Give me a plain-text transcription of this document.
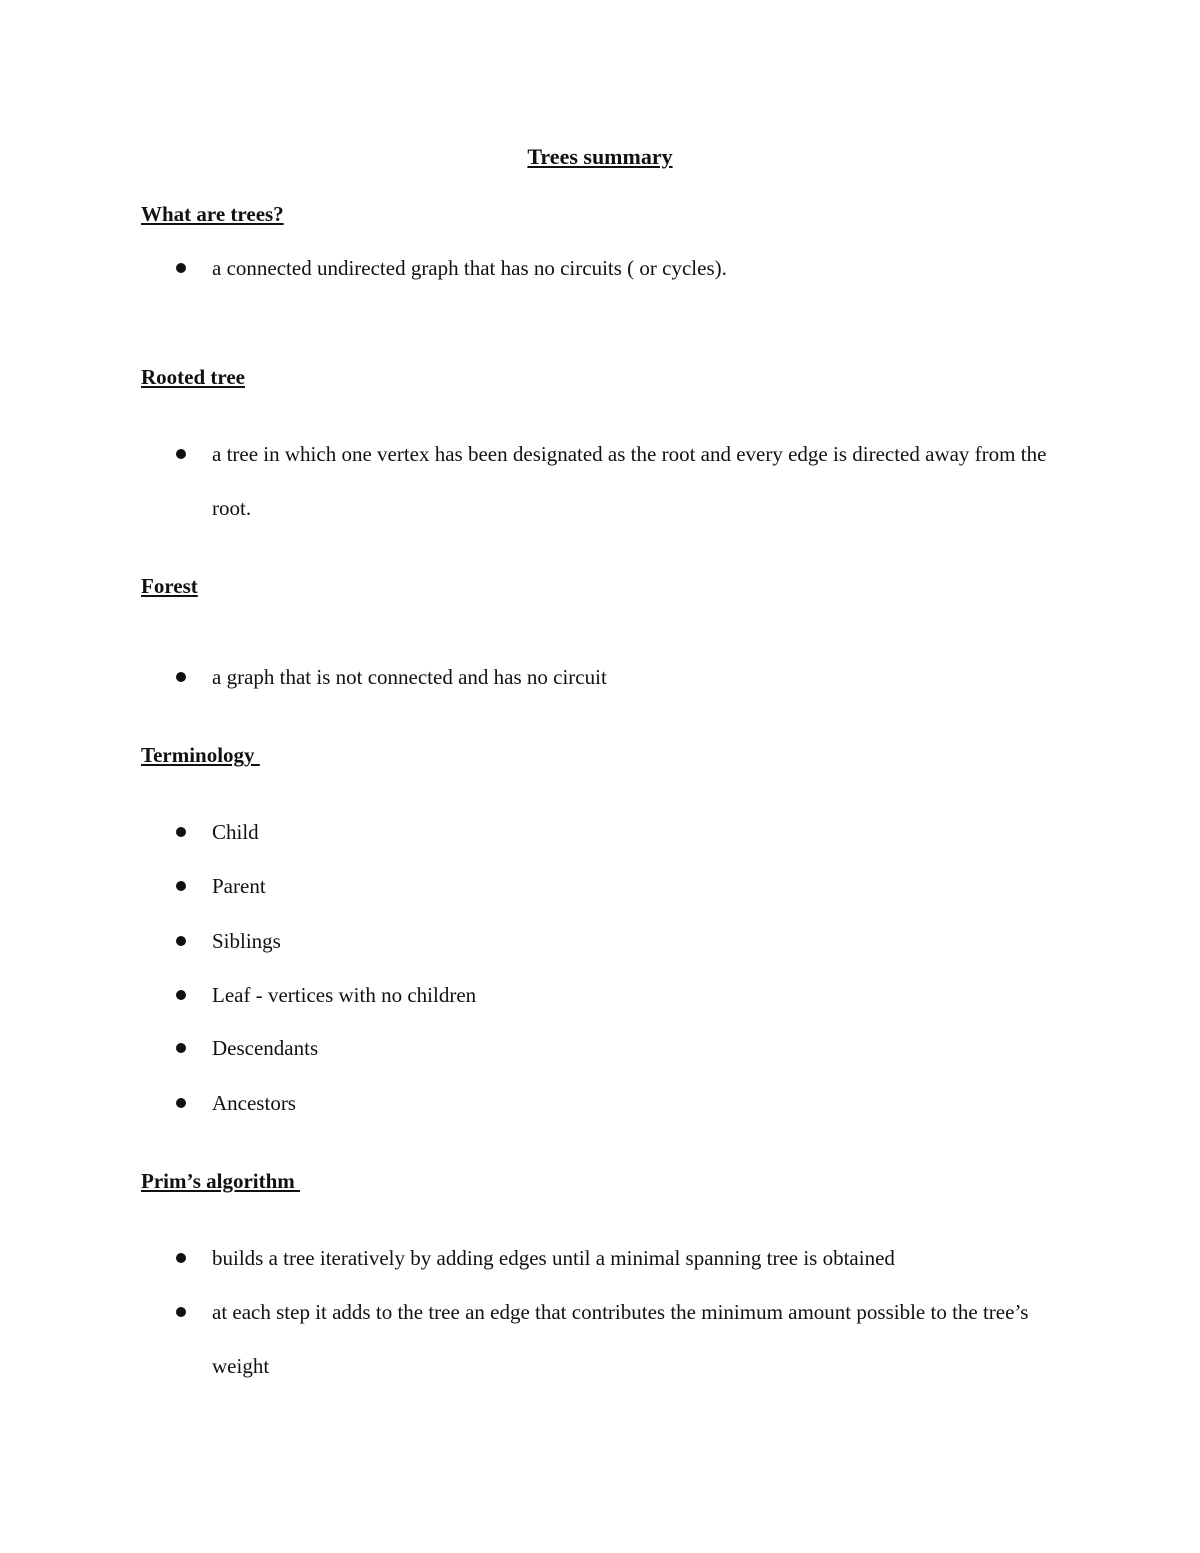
Trees summary
What are trees?
a connected undirected graph that has no circuits ( or cycles).
Rooted tree
a tree in which one vertex has been designated as the root and every edge is directed away from the root.
Forest
a graph that is not connected and has no circuit
Terminology
Child
Parent
Siblings
Leaf - vertices with no children
Descendants
Ancestors
Prim’s algorithm
builds a tree iteratively by adding edges until a minimal spanning tree is obtained
at each step it adds to the tree an edge that contributes the minimum amount possible to the tree’s weight
